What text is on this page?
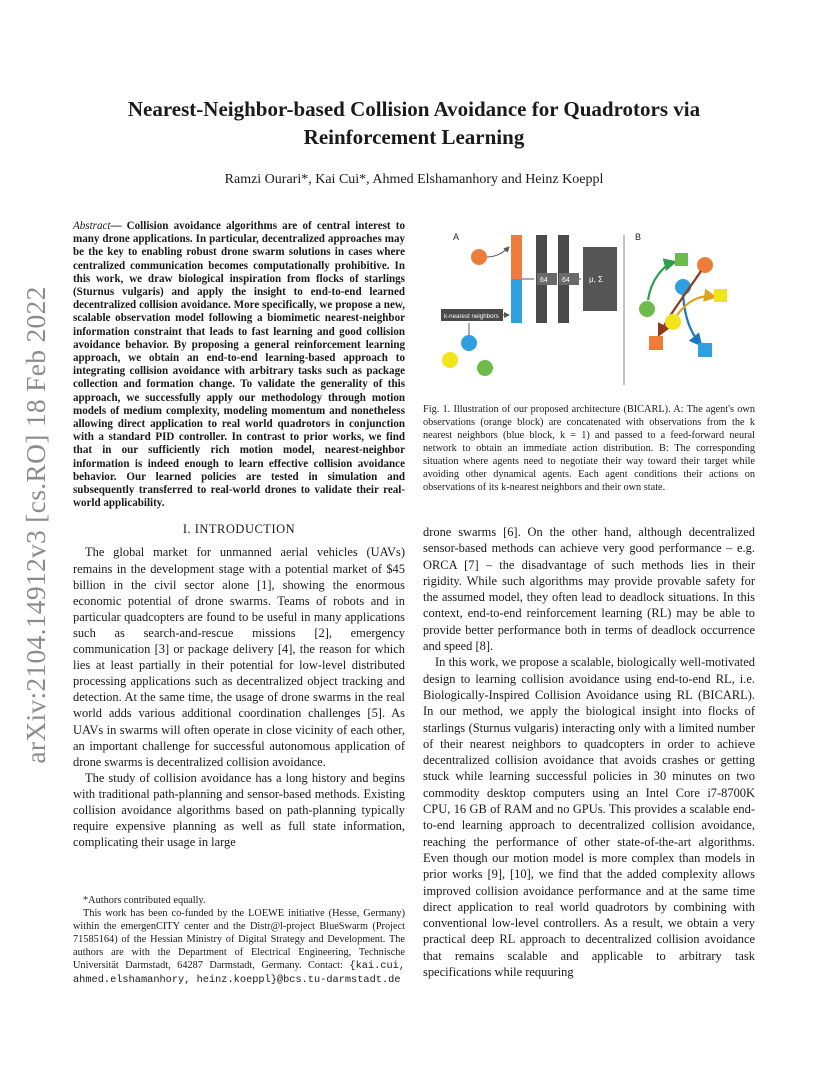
arXiv:2104.14912v3 [cs.RO] 18 Feb 2022
Nearest-Neighbor-based Collision Avoidance for Quadrotors via Reinforcement Learning
Ramzi Ourari*, Kai Cui*, Ahmed Elshamanhory and Heinz Koeppl

Abstract— Collision avoidance algorithms are of central interest to many drone applications. In particular, decentralized approaches may be the key to enabling robust drone swarm solutions in cases where centralized communication becomes computationally prohibitive. In this work, we draw biological inspiration from flocks of starlings (Sturnus vulgaris) and apply the insight to end-to-end learned decentralized collision avoidance. More specifically, we propose a new, scalable observation model following a biomimetic nearest-neighbor information constraint that leads to fast learning and good collision avoidance behavior. By proposing a general reinforcement learning approach, we obtain an end-to-end learning-based approach to integrating collision avoidance with arbitrary tasks such as package collection and formation change. To validate the generality of this approach, we successfully apply our methodology through motion models of medium complexity, modeling momentum and nonetheless allowing direct application to real world quadrotors in conjunction with a standard PID controller. In contrast to prior works, we find that in our sufficiently rich motion model, nearest-neighbor information is indeed enough to learn effective collision avoidance behavior. Our learned policies are tested in simulation and subsequently transferred to real-world drones to validate their real-world applicability.

I. INTRODUCTION

The global market for unmanned aerial vehicles (UAVs) remains in the development stage with a potential market of $45 billion in the civil sector alone [1], showing the enormous economic potential of drone swarms. Teams of robots and in particular quadcopters are found to be useful in many applications such as search-and-rescue missions [2], emergency communication [3] or package delivery [4], the reason for which lies at least partially in their potential for low-level distributed processing applications such as decentralized object tracking and detection. At the same time, the usage of drone swarms in the real world adds various additional coordination challenges [5]. As UAVs in swarms will often operate in close vicinity of each other, an important challenge for successful autonomous application of drone swarms is decentralized collision avoidance.

The study of collision avoidance has a long history and begins with traditional path-planning and sensor-based methods. Existing collision avoidance algorithms based on path-planning typically require expensive planning as well as full state information, complicating their usage in large

*Authors contributed equally.

This work has been co-funded by the LOEWE initiative (Hesse, Germany) within the emergenCITY center and the Distr@l-project BlueSwarm (Project 71585164) of the Hessian Ministry of Digital Strategy and Development. The authors are with the Department of Electrical Engineering, Technische Universität Darmstadt, 64287 Darmstadt, Germany. Contact: {kai.cui, ahmed.elshamanhory, heinz.koeppl}@bcs.tu-darmstadt.de

A	B
64 64 μ, Σ
k-nearest neighbors
Fig. 1. Illustration of our proposed architecture (BICARL). A: The agent's own observations (orange block) are concatenated with observations from the k nearest neighbors (blue block, k = 1) and passed to a feed-forward neural network to obtain an immediate action distribution. B: The corresponding situation where agents need to negotiate their way toward their target while avoiding other dynamical agents. Each agent conditions their actions on observations of its k-nearest neighbors and their own state.

drone swarms [6]. On the other hand, although decentralized sensor-based methods can achieve very good performance – e.g. ORCA [7] – the disadvantage of such methods lies in their rigidity. While such algorithms may provide provable safety for the assumed model, they often lead to deadlock situations. In this context, end-to-end reinforcement learning (RL) may be able to provide better performance both in terms of deadlock occurrence and speed [8].

In this work, we propose a scalable, biologically well-motivated design to learning collision avoidance using end-to-end RL, i.e. Biologically-Inspired Collision Avoidance using RL (BICARL). In our method, we apply the biological insight into flocks of starlings (Sturnus vulgaris) interacting only with a limited number of their nearest neighbors to quadcopters in order to achieve decentralized collision avoidance that avoids crashes or getting stuck while learning successful policies in 30 minutes on two commodity desktop computers using an Intel Core i7-8700K CPU, 16 GB of RAM and no GPUs. This provides a scalable end-to-end learning approach to decentralized collision avoidance, reaching the performance of other state-of-the-art algorithms. Even though our motion model is more complex than models in prior works [9], [10], we find that the added complexity allows improved collision avoidance performance and at the same time direct application to real world quadrotors by combining with conventional low-level controllers. As a result, we obtain a very practical deep RL approach to decentralized collision avoidance that remains scalable and applicable to arbitrary task specifications while requuring
